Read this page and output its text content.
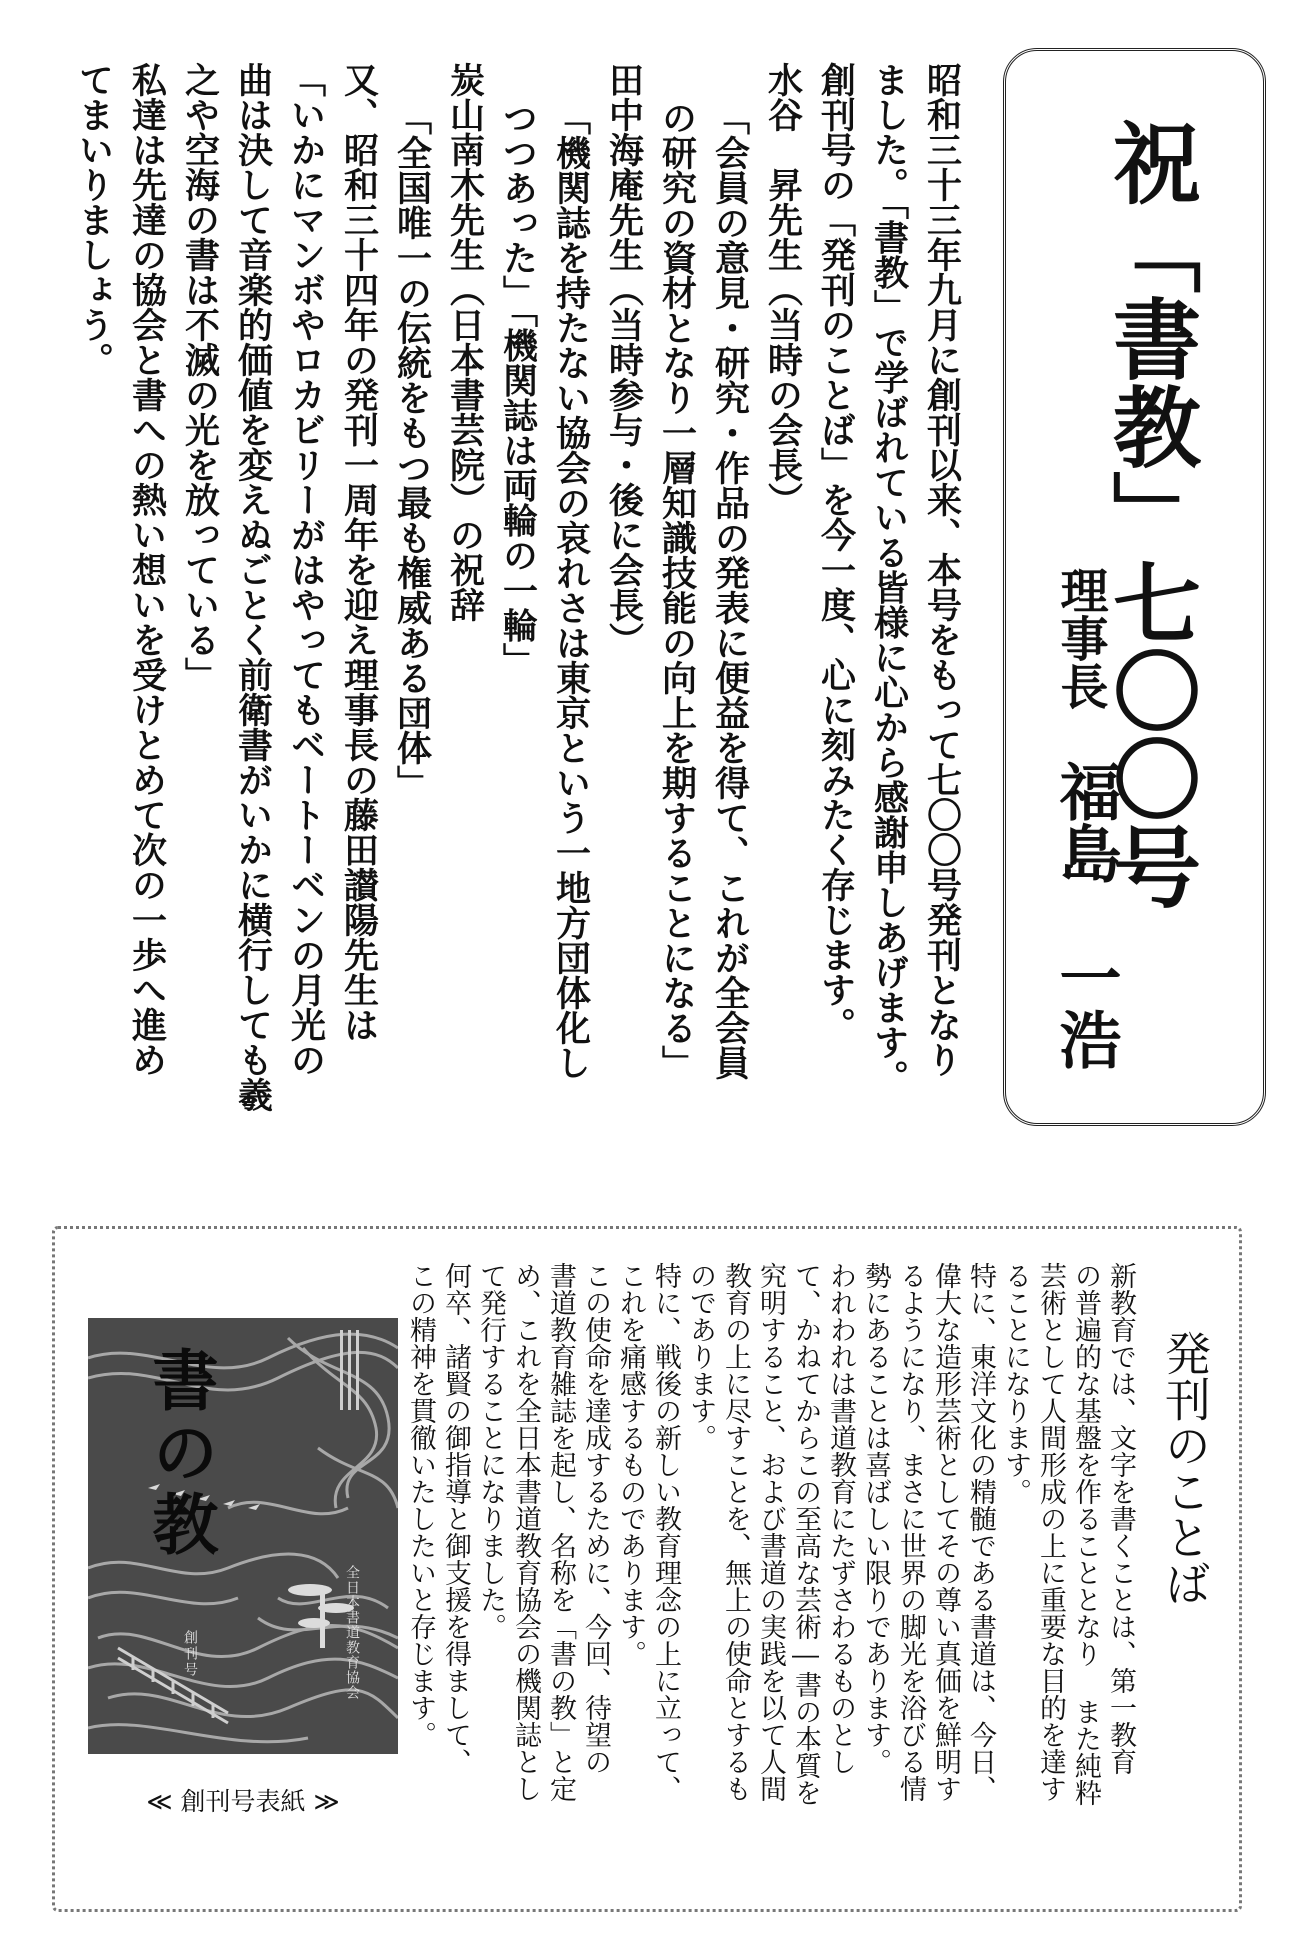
祝「書教」七〇〇号

理事長

福島　一浩

昭和三十三年九月に創刊以来、本号をもって七〇〇号発刊となり

ました。「書教」で学ばれている皆様に心から感謝申しあげます。

創刊号の「発刊のことば」を今一度、心に刻みたく存じます。

水谷　昇先生（当時の会長）

「会員の意見・研究・作品の発表に便益を得て、これが全会員

の研究の資材となり一層知識技能の向上を期することになる」

田中海庵先生（当時参与・後に会長）

「機関誌を持たない協会の哀れさは東京という一地方団体化し

つつあった」「機関誌は両輪の一輪」

炭山南木先生（日本書芸院）の祝辞

「全国唯一の伝統をもつ最も権威ある団体」

又、昭和三十四年の発刊一周年を迎え理事長の藤田讃陽先生は

「いかにマンボやロカビリーがはやってもベートーベンの月光の

曲は決して音楽的価値を変えぬごとく前衛書がいかに横行しても羲

之や空海の書は不滅の光を放っている」

私達は先達の協会と書への熱い想いを受けとめて次の一歩へ進め

てまいりましょう。

発刊のことば

新教育では、文字を書くことは、第一教育

の普遍的な基盤を作ることとなり また純粋

芸術として人間形成の上に重要な目的を達す

ることになります。

特に、東洋文化の精髄である書道は、今日、

偉大な造形芸術としてその尊い真価を鮮明す

るようになり、まさに世界の脚光を浴びる情

勢にあることは喜ばしい限りであります。

われわれは書道教育にたずさわるものとし

て、かねてからこの至高な芸術―書の本質を

究明すること、および書道の実践を以て人間

教育の上に尽すことを、無上の使命とするも

のであります。

特に、戦後の新しい教育理念の上に立って、

これを痛感するものであります。

この使命を達成するために、今回、待望の

書道教育雑誌を起し、名称を「書の教」と定

め、これを全日本書道教育協会の機関誌とし

て発行することになりました。

何卒、諸賢の御指導と御支援を得まして、

この精神を貫徹いたしたいと存じます。

書の教

全日本書道教育協会

創刊号

≪ 創刊号表紙 ≫
